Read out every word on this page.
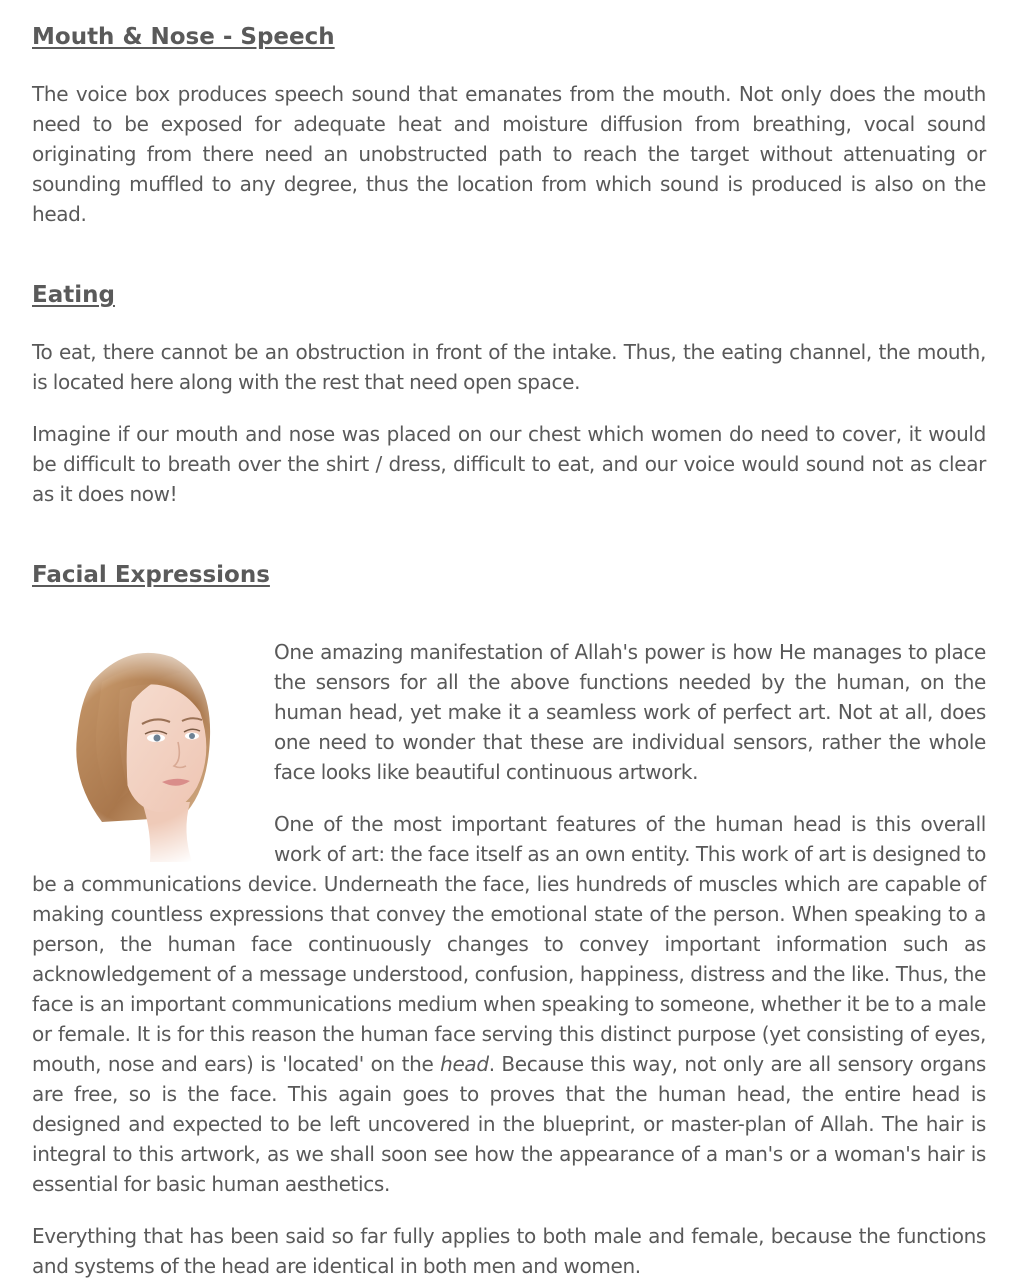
Mouth & Nose - Speech

The voice box produces speech sound that emanates from the mouth. Not only does the mouth need to be exposed for adequate heat and moisture diffusion from breathing, vocal sound originating from there need an unobstructed path to reach the target without attenuating or sounding muffled to any degree, thus the location from which sound is produced is also on the head.

Eating

To eat, there cannot be an obstruction in front of the intake. Thus, the eating channel, the mouth, is located here along with the rest that need open space.

Imagine if our mouth and nose was placed on our chest which women do need to cover, it would be difficult to breath over the shirt / dress, difficult to eat, and our voice would sound not as clear as it does now!

Facial Expressions

One amazing manifestation of Allah's power is how He manages to place the sensors for all the above functions needed by the human, on the human head, yet make it a seamless work of perfect art. Not at all, does one need to wonder that these are individual sensors, rather the whole face looks like beautiful continuous artwork.

One of the most important features of the human head is this overall work of art: the face itself as an own entity. This work of art is designed to be a communications device. Underneath the face, lies hundreds of muscles which are capable of making countless expressions that convey the emotional state of the person. When speaking to a person, the human face continuously changes to convey important information such as acknowledgement of a message understood, confusion, happiness, distress and the like. Thus, the face is an important communications medium when speaking to someone, whether it be to a male or female. It is for this reason the human face serving this distinct purpose (yet consisting of eyes, mouth, nose and ears) is 'located' on the head. Because this way, not only are all sensory organs are free, so is the face. This again goes to proves that the human head, the entire head is designed and expected to be left uncovered in the blueprint, or master-plan of Allah. The hair is integral to this artwork, as we shall soon see how the appearance of a man's or a woman's hair is essential for basic human aesthetics.

Everything that has been said so far fully applies to both male and female, because the functions and systems of the head are identical in both men and women.
